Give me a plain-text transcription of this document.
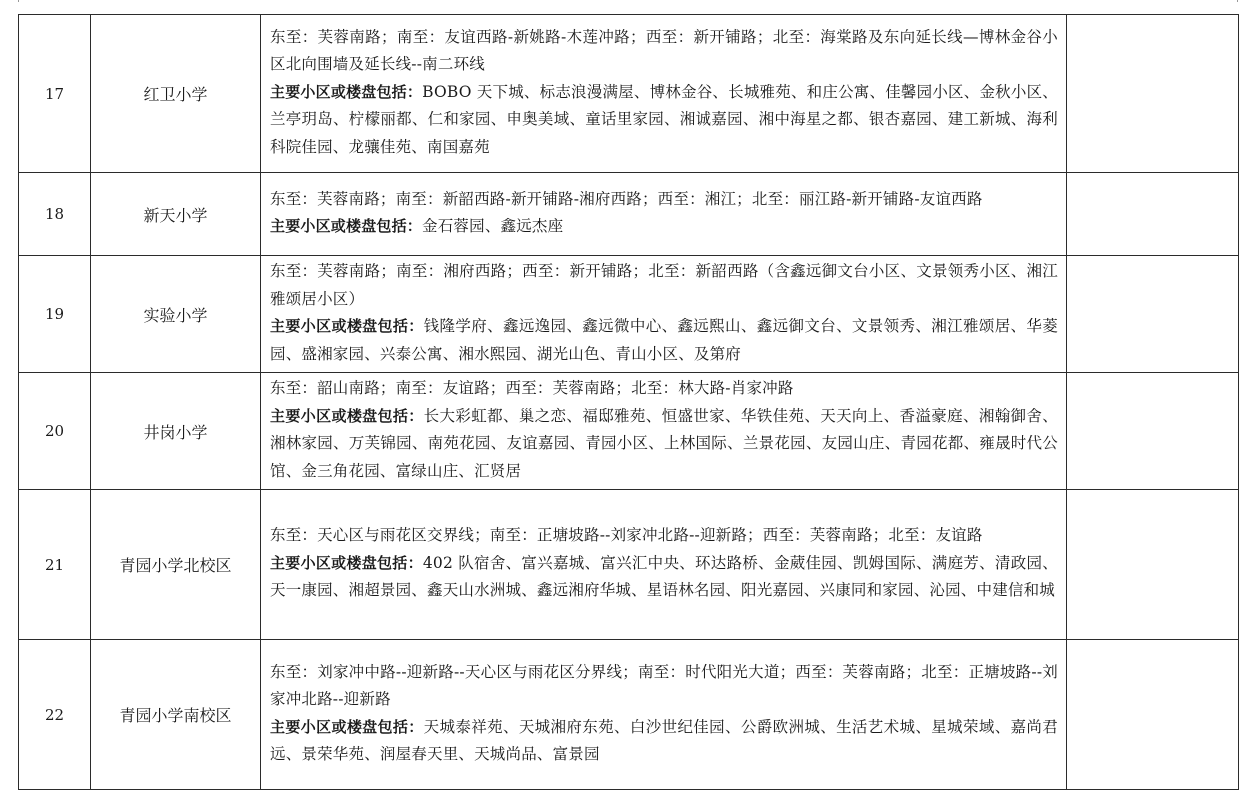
17	红卫小学	东至：芙蓉南路；南至：友谊西路-新姚路-木莲冲路；西至：新开铺路；北至：海棠路及东向延长线—博林金谷小区北向围墙及延长线--南二环线

主要小区或楼盘包括：BOBO 天下城、标志浪漫满屋、博林金谷、长城雅苑、和庄公寓、佳馨园小区、金秋小区、兰亭玥岛、柠檬丽都、仁和家园、申奥美域、童话里家园、湘诚嘉园、湘中海星之都、银杏嘉园、建工新城、海利科院佳园、龙骧佳苑、南国嘉苑	

18	新天小学	东至：芙蓉南路；南至：新韶西路-新开铺路-湘府西路；西至：湘江；北至：丽江路-新开铺路-友谊西路

主要小区或楼盘包括：金石蓉园、鑫远杰座	

19	实验小学	东至：芙蓉南路；南至：湘府西路；西至：新开铺路；北至：新韶西路（含鑫远御文台小区、文景领秀小区、湘江雅颂居小区）

主要小区或楼盘包括：钱隆学府、鑫远逸园、鑫远微中心、鑫远熙山、鑫远御文台、文景领秀、湘江雅颂居、华菱园、盛湘家园、兴泰公寓、湘水熙园、湖光山色、青山小区、及第府	

20	井岗小学	东至：韶山南路；南至：友谊路；西至：芙蓉南路；北至：林大路-肖家冲路

主要小区或楼盘包括：长大彩虹都、巢之恋、福邸雅苑、恒盛世家、华铁佳苑、天天向上、香溢豪庭、湘翰御舍、湘林家园、万芙锦园、南苑花园、友谊嘉园、青园小区、上林国际、兰景花园、友园山庄、青园花都、雍晟时代公馆、金三角花园、富绿山庄、汇贤居	

21	青园小学北校区	东至：天心区与雨花区交界线；南至：正塘坡路--刘家冲北路--迎新路；西至：芙蓉南路；北至：友谊路

主要小区或楼盘包括：402 队宿舍、富兴嘉城、富兴汇中央、环达路桥、金葳佳园、凯姆国际、满庭芳、清政园、天一康园、湘超景园、鑫天山水洲城、鑫远湘府华城、星语林名园、阳光嘉园、兴康同和家园、沁园、中建信和城	

22	青园小学南校区	东至：刘家冲中路--迎新路--天心区与雨花区分界线；南至：时代阳光大道；西至：芙蓉南路；北至：正塘坡路--刘家冲北路--迎新路

主要小区或楼盘包括：天城泰祥苑、天城湘府东苑、白沙世纪佳园、公爵欧洲城、生活艺术城、星城荣域、嘉尚君远、景荣华苑、润屋春天里、天城尚品、富景园	
